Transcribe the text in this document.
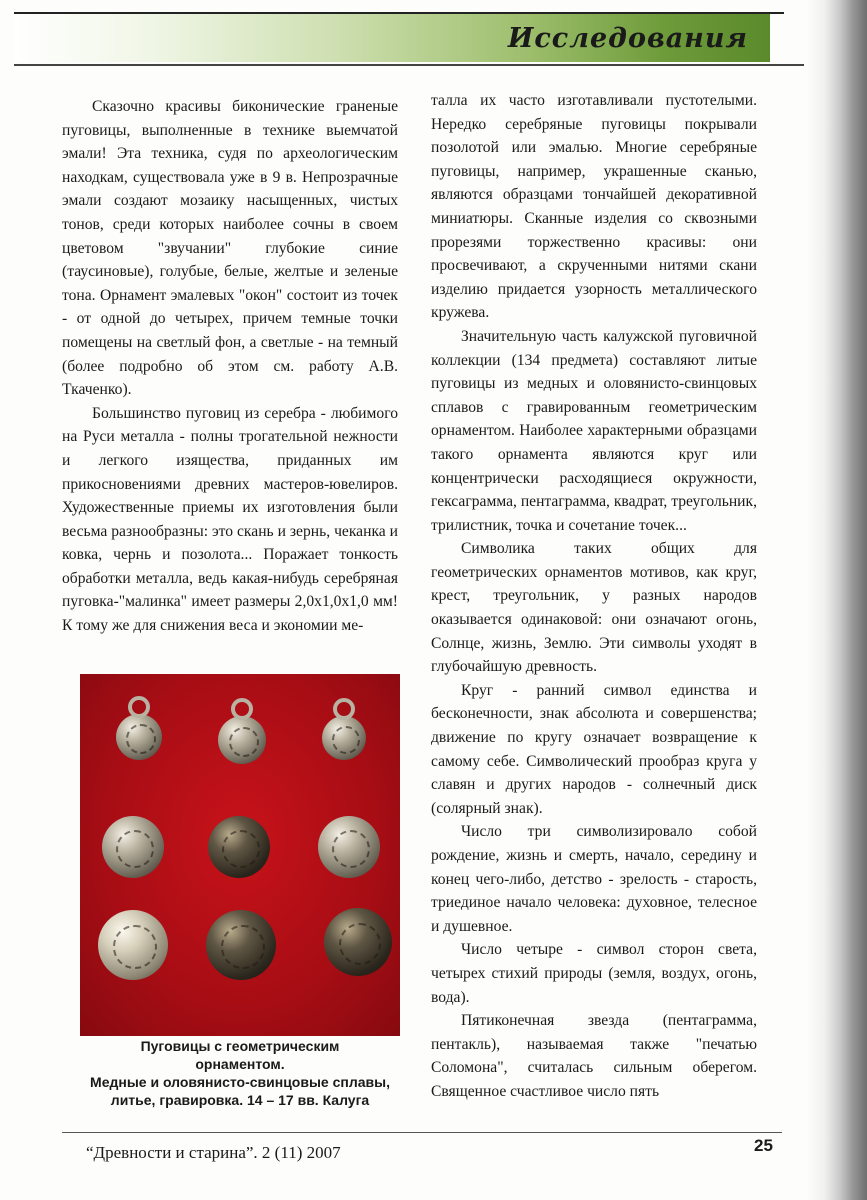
Исследования

Сказочно красивы биконические граненые пуговицы, выполненные в технике выемчатой эмали! Эта техника, судя по археологическим находкам, существовала уже в 9 в. Непрозрачные эмали создают мозаику насыщенных, чистых тонов, среди которых наиболее сочны в своем цветовом "звучании" глубокие синие (таусиновые), голубые, белые, желтые и зеленые тона. Орнамент эмалевых "окон" состоит из точек - от одной до четырех, причем темные точки помещены на светлый фон, а светлые - на темный (более подробно об этом см. работу А.В. Ткаченко).

Большинство пуговиц из серебра - любимого на Руси металла - полны трогательной нежности и легкого изящества, приданных им прикосновениями древних мастеров-ювелиров. Художественные приемы их изготовления были весьма разнообразны: это скань и зернь, чеканка и ковка, чернь и позолота... Поражает тонкость обработки металла, ведь какая-нибудь серебряная пуговка-"малинка" имеет размеры 2,0х1,0х1,0 мм! К тому же для снижения веса и экономии ме-

Пуговицы с геометрическим
орнаментом.
Медные и оловянисто-свинцовые сплавы,
литье, гравировка. 14 – 17 вв. Калуга

талла их часто изготавливали пустотелыми. Нередко серебряные пуговицы покрывали позолотой или эмалью. Многие серебряные пуговицы, например, украшенные сканью, являются образцами тончайшей декоративной миниатюры. Сканные изделия со сквозными прорезями торжественно красивы: они просвечивают, а скрученными нитями скани изделию придается узорность металлического кружева.

Значительную часть калужской пуговичной коллекции (134 предмета) составляют литые пуговицы из медных и оловянисто-свинцовых сплавов с гравированным геометрическим орнаментом. Наиболее характерными образцами такого орнамента являются круг или концентрически расходящиеся окружности, гексаграмма, пентаграмма, квадрат, треугольник, трилистник, точка и сочетание точек...

Символика таких общих для геометрических орнаментов мотивов, как круг, крест, треугольник, у разных народов оказывается одинаковой: они означают огонь, Солнце, жизнь, Землю. Эти символы уходят в глубочайшую древность.

Круг - ранний символ единства и бесконечности, знак абсолюта и совершенства; движение по кругу означает возвращение к самому себе. Символический прообраз круга у славян и других народов - солнечный диск (солярный знак).

Число три символизировало собой рождение, жизнь и смерть, начало, середину и конец чего-либо, детство - зрелость - старость, триединое начало человека: духовное, телесное и душевное.

Число четыре - символ сторон света, четырех стихий природы (земля, воздух, огонь, вода).

Пятиконечная звезда (пентаграмма, пентакль), называемая также "печатью Соломона", считалась сильным оберегом. Священное счастливое число пять

“Древности и старина”. 2 (11) 2007	25
